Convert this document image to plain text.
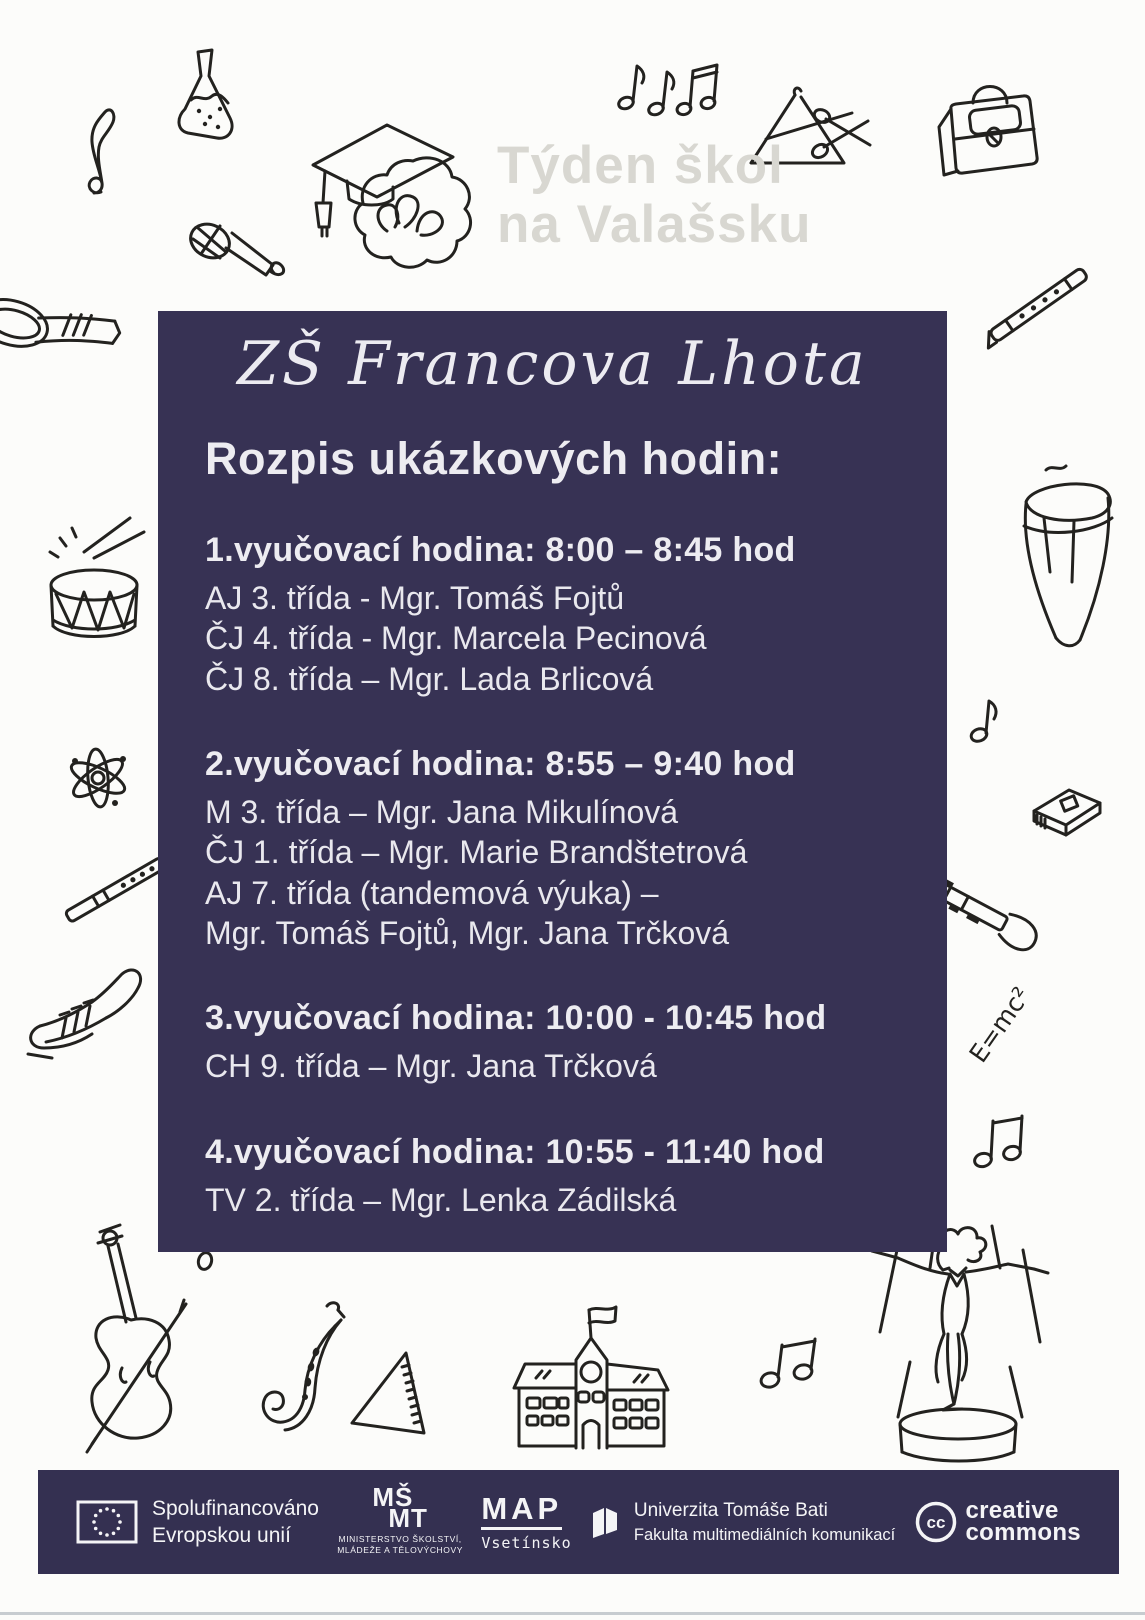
E=mc²
Týden škol
na Valašsku
ZŠ Francova Lhota
Rozpis ukázkových hodin:
1.vyučovací hodina: 8:00 – 8:45 hod
AJ 3. třída - Mgr. Tomáš Fojtů
ČJ 4. třída - Mgr. Marcela Pecinová
ČJ 8. třída – Mgr. Lada Brlicová
2.vyučovací hodina: 8:55 – 9:40 hod
M 3. třída – Mgr. Jana Mikulínová
ČJ 1. třída – Mgr. Marie Brandštetrová
AJ 7. třída (tandemová výuka) –
Mgr. Tomáš Fojtů, Mgr. Jana Trčková
3.vyučovací hodina: 10:00 - 10:45 hod
CH 9. třída – Mgr. Jana Trčková
4.vyučovací hodina: 10:55 - 11:40 hod
TV 2. třída – Mgr. Lenka Zádilská
Spolufinancováno
Evropskou unií
MŠ
MT
MINISTERSTVO ŠKOLSTVÍ,
MLÁDEŽE A TĚLOVÝCHOVY
MAP
Vsetínsko
Univerzita Tomáše Bati
Fakulta multimediálních komunikací
cc creative
commons
